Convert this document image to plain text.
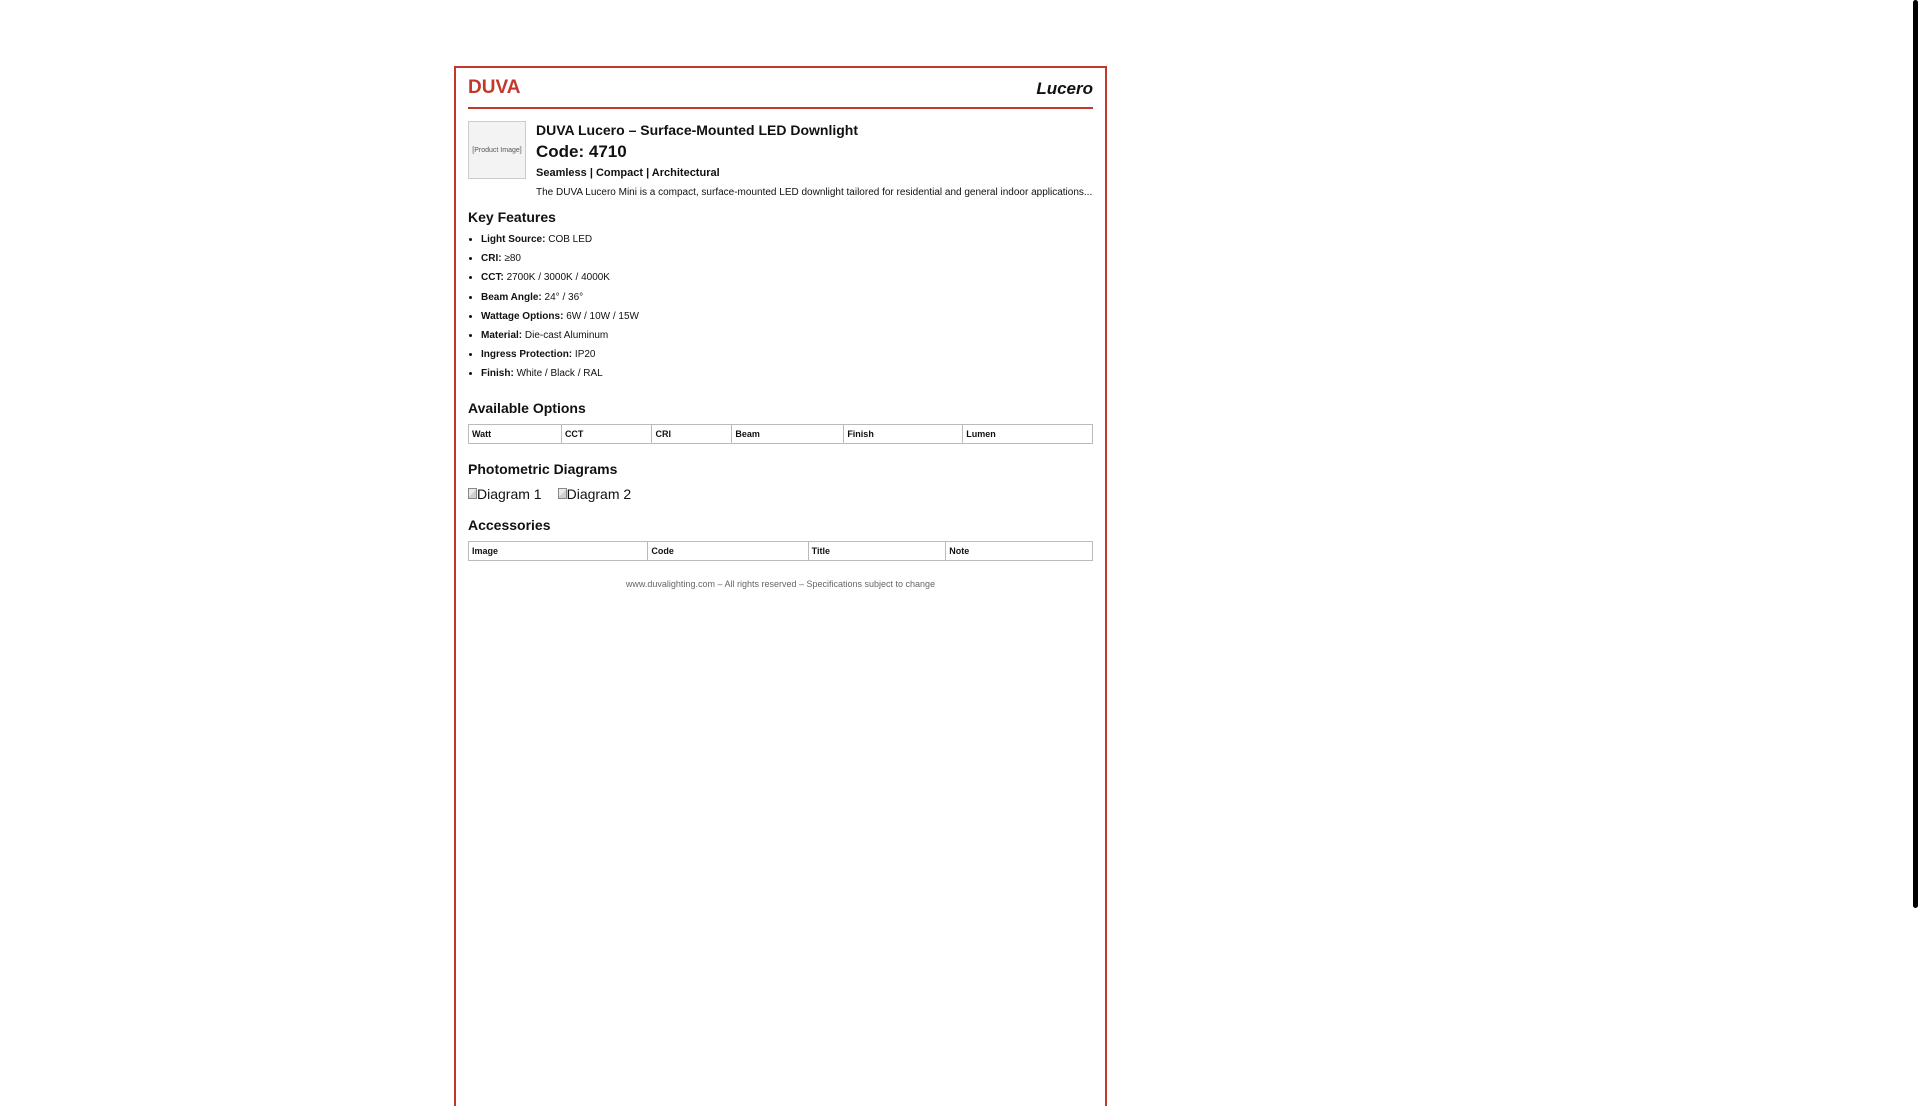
DUVA	Lucero
[Product Image]
DUVA Lucero – Surface-Mounted LED Downlight
Code: 4710
Seamless | Compact | Architectural
The DUVA Lucero Mini is a compact, surface-mounted LED downlight tailored for residential and general indoor applications...
Key Features
• Light Source: COB LED
• CRI: ≥80
• CCT: 2700K / 3000K / 4000K
• Beam Angle: 24° / 36°
• Wattage Options: 6W / 10W / 15W
• Material: Die-cast Aluminum
• Ingress Protection: IP20
• Finish: White / Black / RAL
Available Options
Watt	CCT	CRI	Beam	Finish	Lumen
Photometric Diagrams
Diagram 1 Diagram 2
Accessories
Image	Code	Title	Note
www.duvalighting.com – All rights reserved – Specifications subject to change
